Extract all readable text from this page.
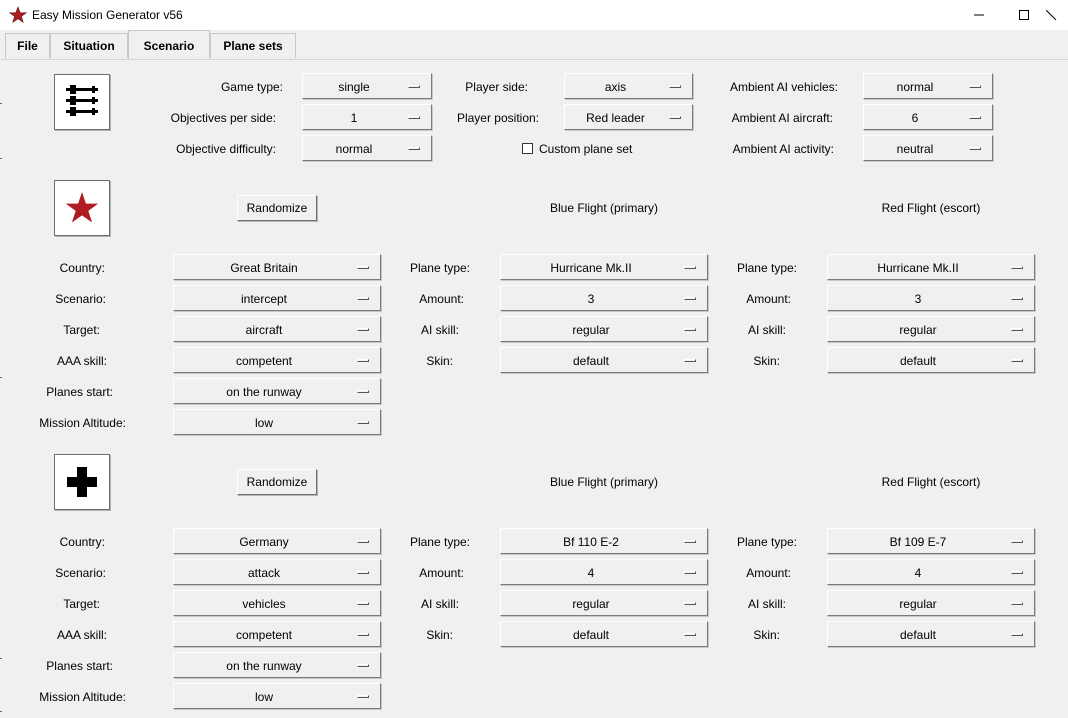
Easy Mission Generator v56
File	Situation	Scenario	Plane sets
Game type:	single
Objectives per side:	1
Objective difficulty:	normal
Player side:	axis
Player position:	Red leader
Custom plane set
Ambient AI vehicles:	normal
Ambient AI aircraft:	6
Ambient AI activity:	neutral
Randomize	Blue Flight (primary)	Red Flight (escort)
Country:	Great Britain
Scenario:	intercept
Target:	aircraft
AAA skill:	competent
Planes start:	on the runway
Mission Altitude:	low
Plane type:	Hurricane Mk.II
Amount:	3
AI skill:	regular
Skin:	default
Plane type:	Hurricane Mk.II
Amount:	3
AI skill:	regular
Skin:	default
Randomize	Blue Flight (primary)	Red Flight (escort)
Country:	Germany
Scenario:	attack
Target:	vehicles
AAA skill:	competent
Planes start:	on the runway
Mission Altitude:	low
Plane type:	Bf 110 E-2
Amount:	4
AI skill:	regular
Skin:	default
Plane type:	Bf 109 E-7
Amount:	4
AI skill:	regular
Skin:	default
